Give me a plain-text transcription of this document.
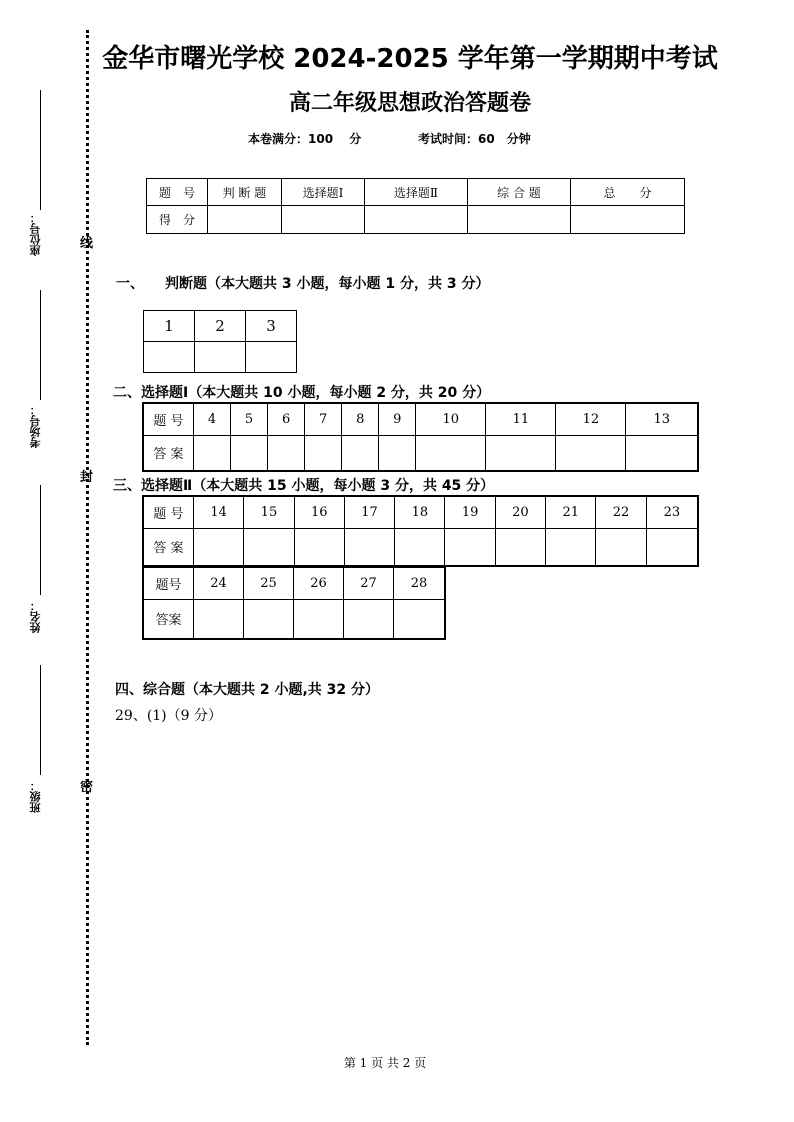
座位号：
考场号：
姓名：
班级：
线
封
密
金华市曙光学校 2024-2025 学年第一学期期中考试
高二年级思想政治答题卷
本卷满分：100　 分	考试时间：60　分钟
题　号	判 断 题	选择题Ⅰ	选择题Ⅱ	综 合 题	总　　分
得　分					
一、　　判断题（本大题共 3 小题，每小题 1 分，共 3 分）
1	2	3

二、选择题Ⅰ（本大题共 10 小题，每小题 2 分，共 20 分）
题 号	4	5	6	7	8	9	10	11	12	13
答 案										
三、选择题Ⅱ（本大题共 15 小题，每小题 3 分，共 45 分）
题 号	14	15	16	17	18	19	20	21	22	23
答 案										
题号	24	25	26	27	28
答案					
四、综合题（本大题共 2 小题,共 32 分）
29、(1)（9 分）
第 1 页 共 2 页
